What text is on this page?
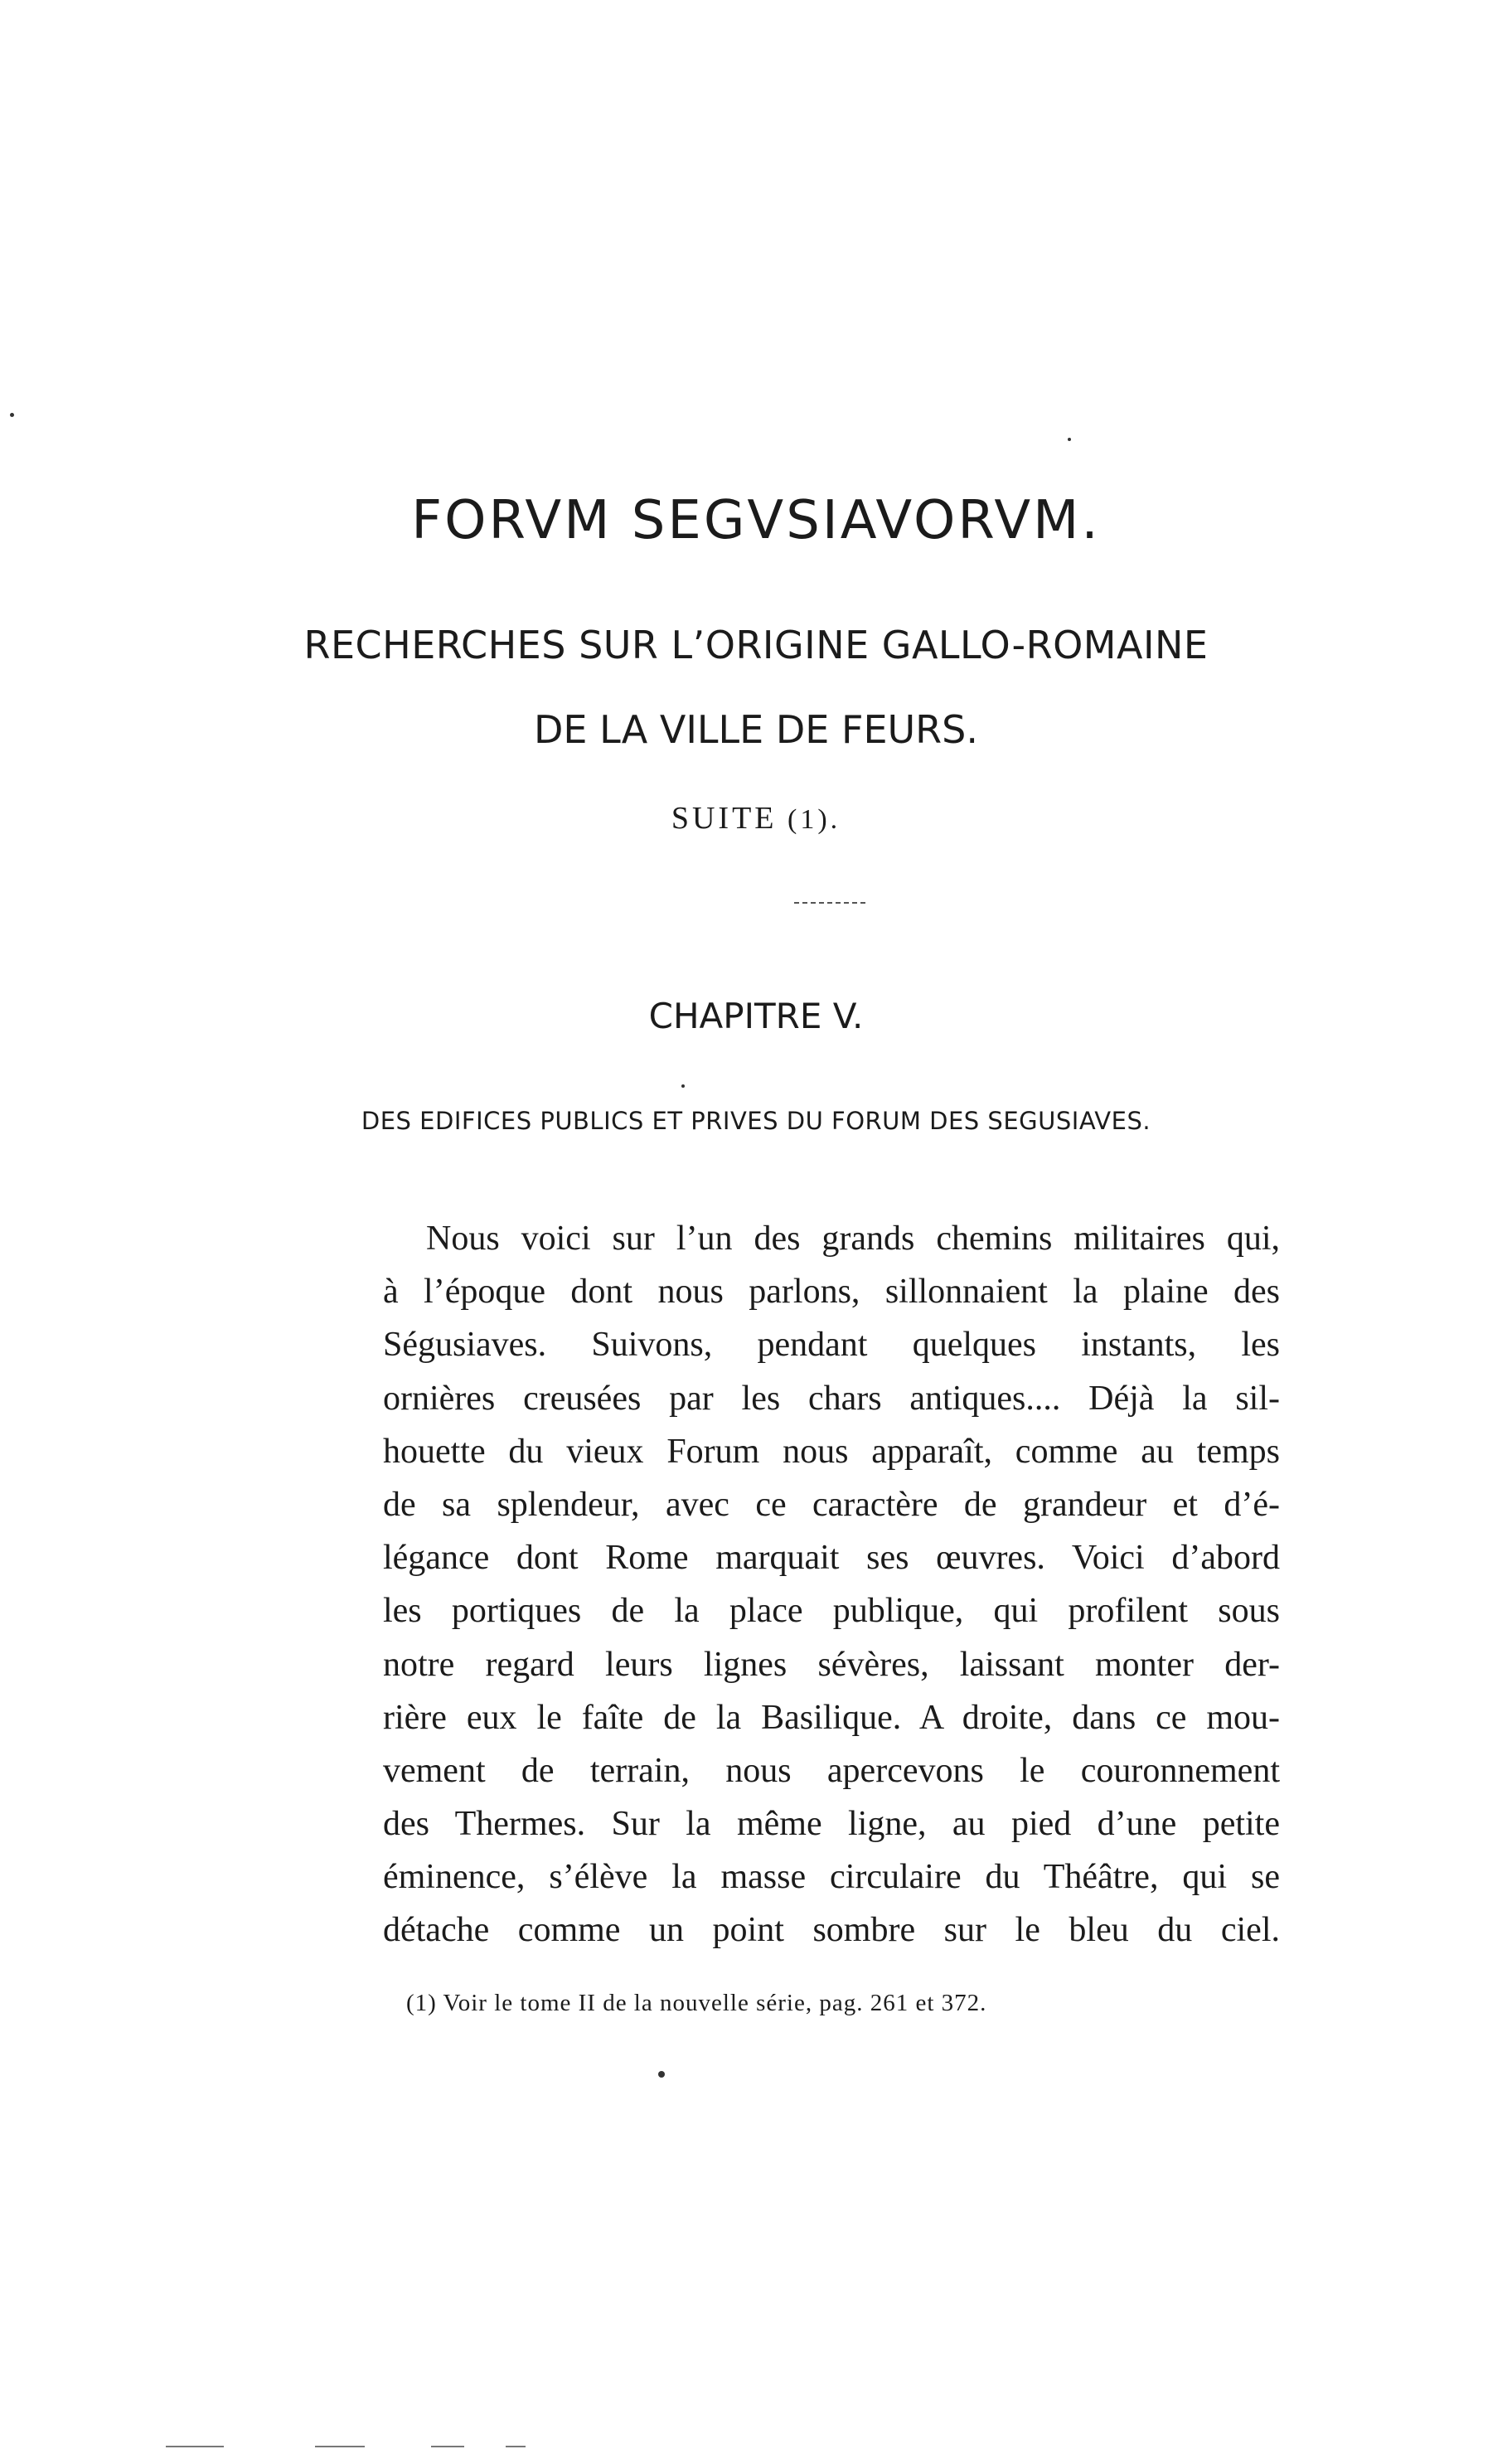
FORVM SEGVSIAVORVM.
RECHERCHES SUR L’ORIGINE GALLO-ROMAINE
DE LA VILLE DE FEURS.
SUITE (1).
CHAPITRE V.
DES EDIFICES PUBLICS ET PRIVES DU FORUM DES SEGUSIAVES.
Nous voici sur l’un des grands chemins militaires qui,
à l’époque dont nous parlons, sillonnaient la plaine des
Ségusiaves. Suivons, pendant quelques instants, les
ornières creusées par les chars antiques.... Déjà la sil-
houette du vieux Forum nous apparaît, comme au temps
de sa splendeur, avec ce caractère de grandeur et d’é-
légance dont Rome marquait ses œuvres. Voici d’abord
les portiques de la place publique, qui profilent sous
notre regard leurs lignes sévères, laissant monter der-
rière eux le faîte de la Basilique. A droite, dans ce mou-
vement de terrain, nous apercevons le couronnement
des Thermes. Sur la même ligne, au pied d’une petite
éminence, s’élève la masse circulaire du Théâtre, qui se
détache comme un point sombre sur le bleu du ciel.
(1) Voir le tome II de la nouvelle série, pag. 261 et 372.
